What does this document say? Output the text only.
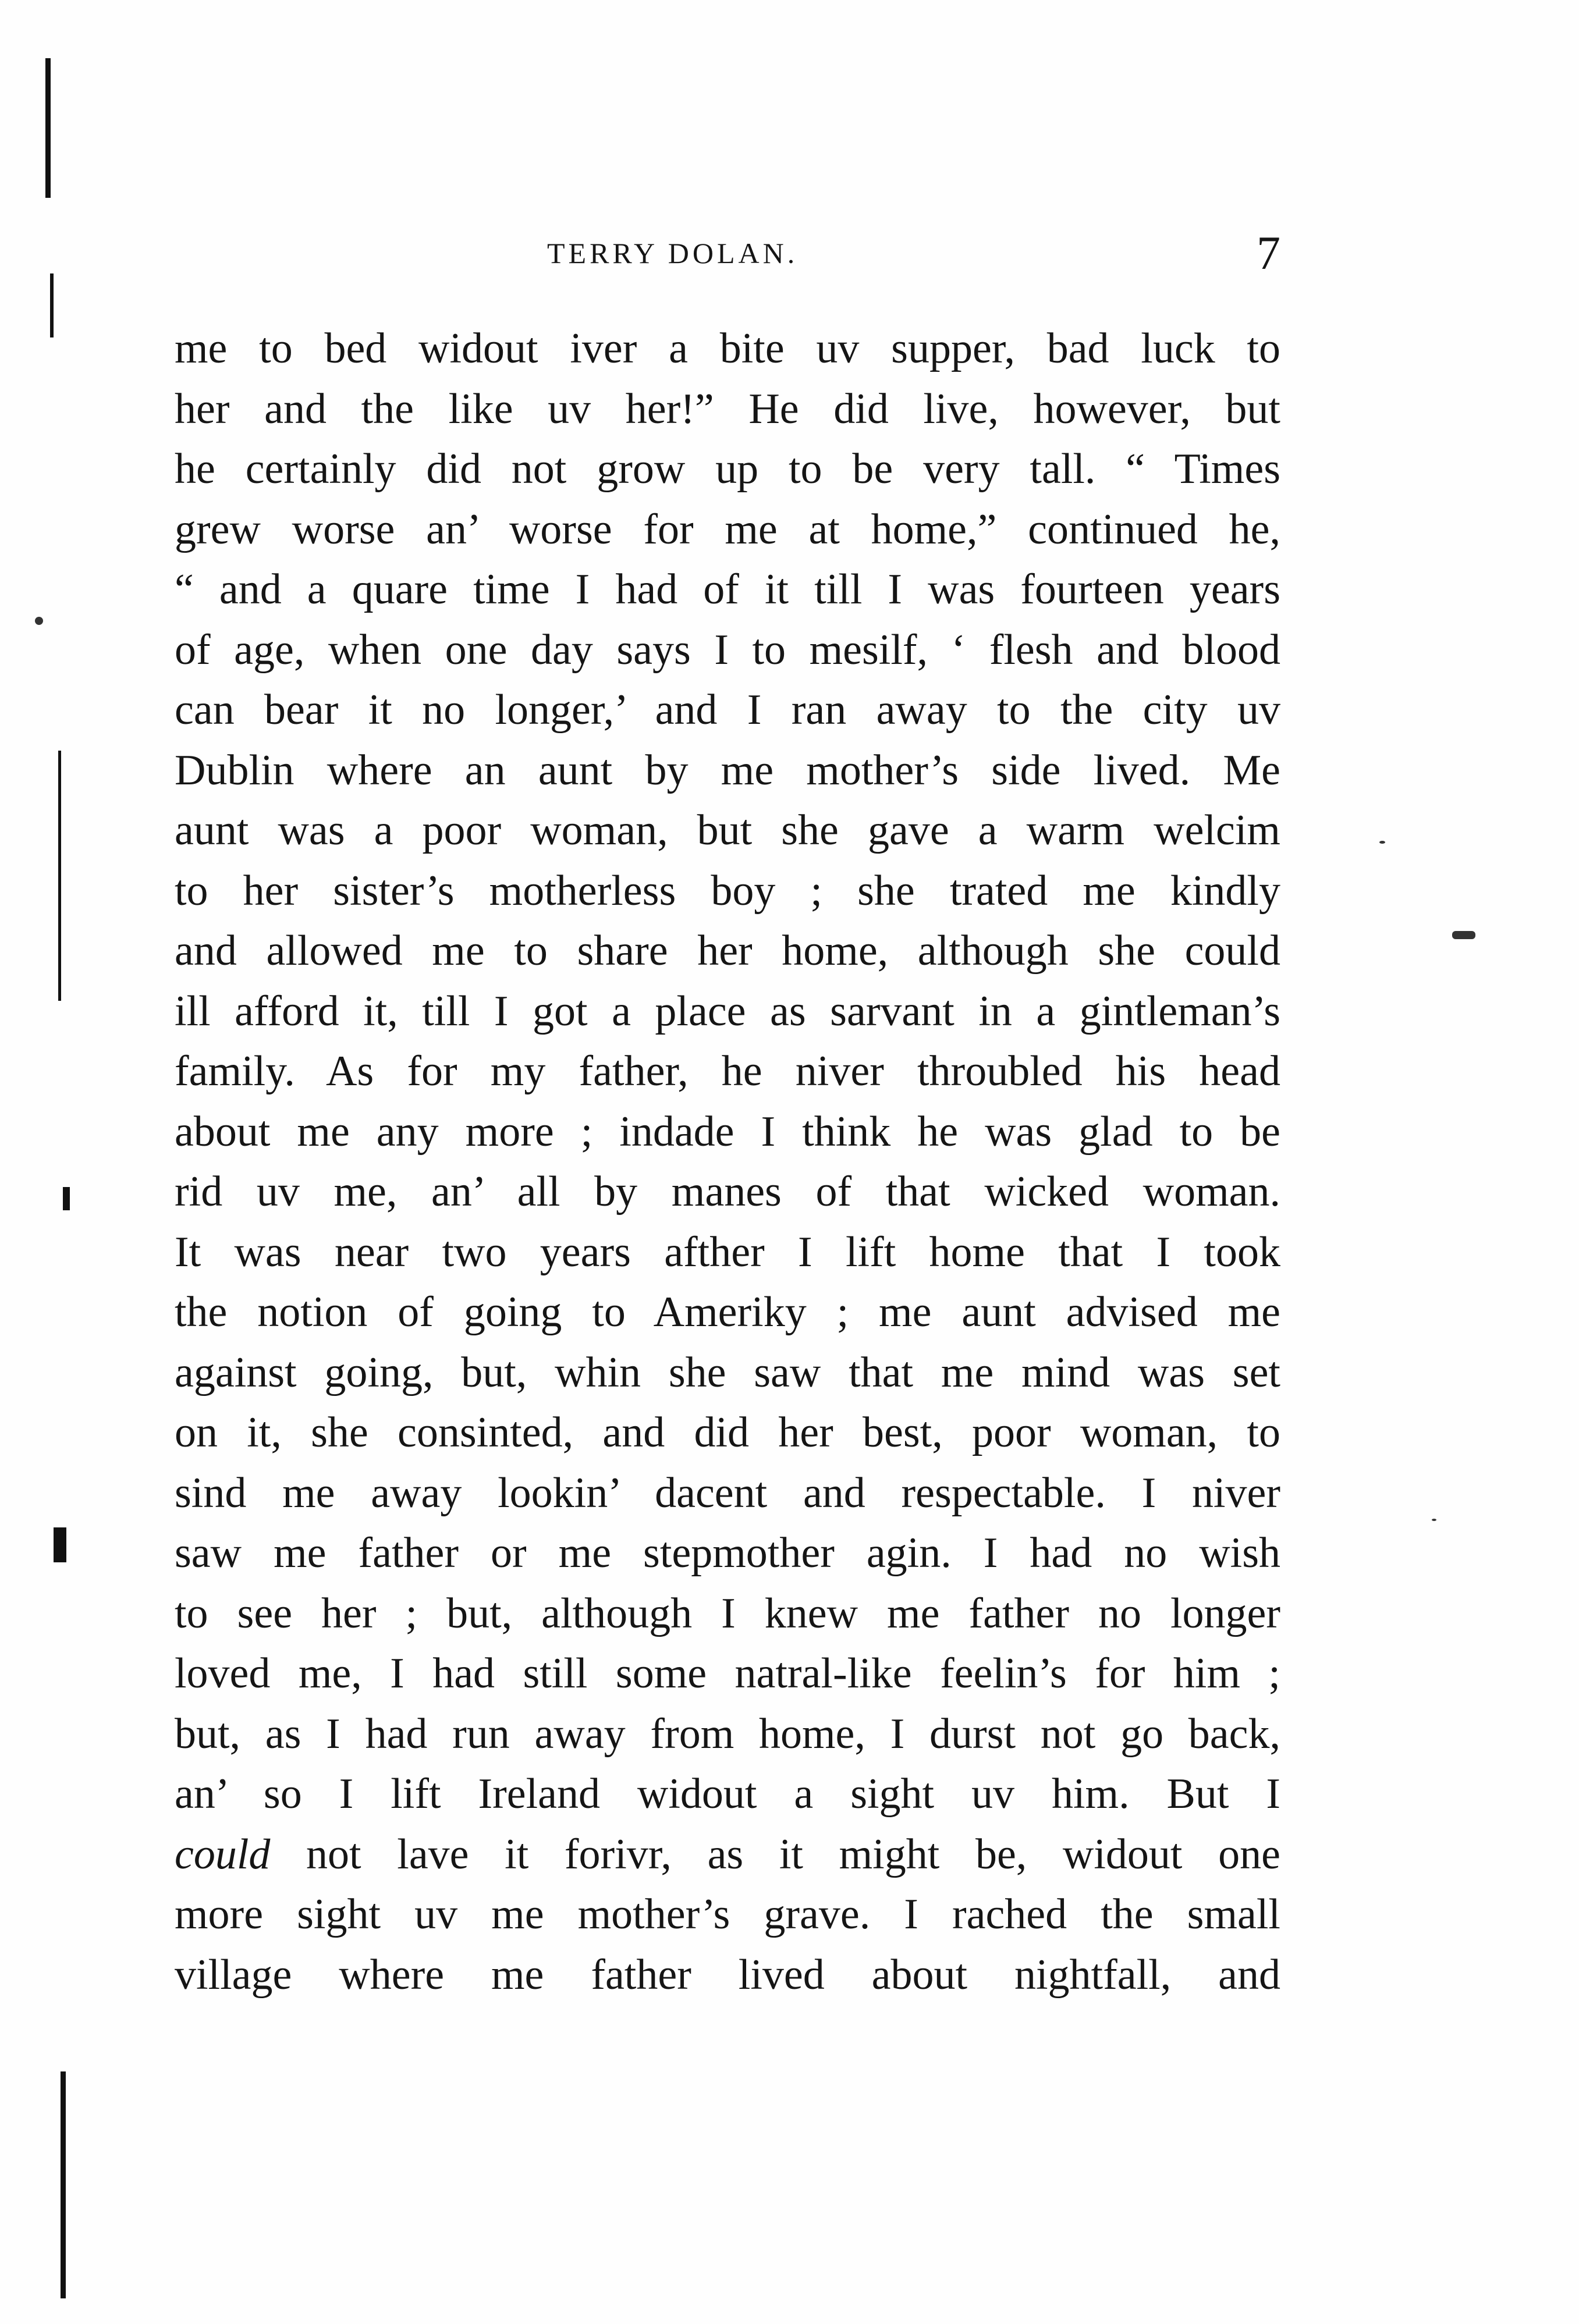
TERRY DOLAN.	7
me to bed widout iver a bite uv supper, bad luck to
her and the like uv her!” He did live, however, but
he certainly did not grow up to be very tall. “ Times
grew worse an’ worse for me at home,” continued he,
“ and a quare time I had of it till I was fourteen years
of age, when one day says I to mesilf, ‘ flesh and blood
can bear it no longer,’ and I ran away to the city uv
Dublin where an aunt by me mother’s side lived. Me
aunt was a poor woman, but she gave a warm welcim
to her sister’s motherless boy ; she trated me kindly
and allowed me to share her home, although she could
ill afford it, till I got a place as sarvant in a gintleman’s
family. As for my father, he niver throubled his head
about me any more ; indade I think he was glad to be
rid uv me, an’ all by manes of that wicked woman.
It was near two years afther I lift home that I took
the notion of going to Ameriky ; me aunt advised me
against going, but, whin she saw that me mind was set
on it, she consinted, and did her best, poor woman, to
sind me away lookin’ dacent and respectable. I niver
saw me father or me stepmother agin. I had no wish
to see her ; but, although I knew me father no longer
loved me, I had still some natral-like feelin’s for him ;
but, as I had run away from home, I durst not go back,
an’ so I lift Ireland widout a sight uv him. But I
could not lave it forivr, as it might be, widout one
more sight uv me mother’s grave. I rached the small
village where me father lived about nightfall, and
